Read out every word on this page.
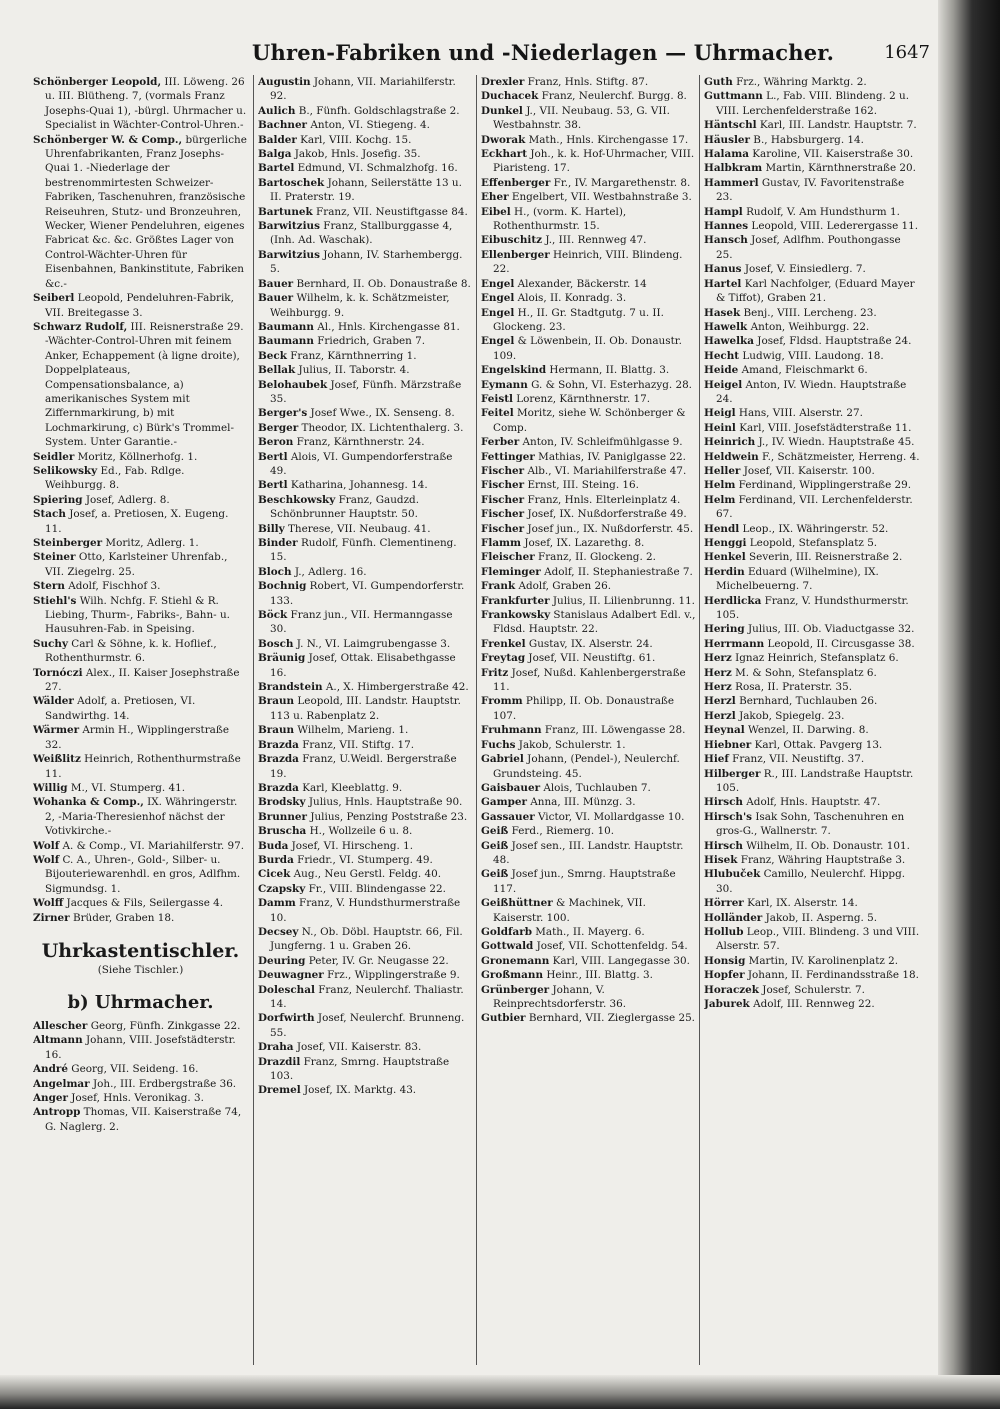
Uhren-Fabriken und -Niederlagen — Uhrmacher.	1647

Schönberger Leopold, III. Löweng. 26 u. III. Blütheng. 7, (vormals Franz Josephs-Quai 1), -bürgl. Uhrmacher u. Specialist in Wächter-Control-Uhren.-

Schönberger W. & Comp., bürgerliche Uhrenfabrikanten, Franz Josephs-Quai 1. -Niederlage der bestrenommirtesten Schweizer-Fabriken, Taschenuhren, französische Reiseuhren, Stutz- und Bronzeuhren, Wecker, Wiener Pendeluhren, eigenes Fabricat &c. &c. Größtes Lager von Control-Wächter-Uhren für Eisenbahnen, Bankinstitute, Fabriken &c.-

Seiberl Leopold, Pendeluhren-Fabrik, VII. Breitegasse 3.

Schwarz Rudolf, III. Reisnerstraße 29. -Wächter-Control-Uhren mit feinem Anker, Echappement (à ligne droite), Doppelplateaus, Compensationsbalance, a) amerikanisches System mit Ziffernmarkirung, b) mit Lochmarkirung, c) Bürk's Trommel-System. Unter Garantie.-

Seidler Moritz, Köllnerhofg. 1.

Selikowsky Ed., Fab. Rdlge. Weihburgg. 8.

Spiering Josef, Adlerg. 8.

Stach Josef, a. Pretiosen, X. Eugeng. 11.

Steinberger Moritz, Adlerg. 1.

Steiner Otto, Karlsteiner Uhrenfab., VII. Ziegelrg. 25.

Stern Adolf, Fischhof 3.

Stiehl's Wilh. Nchfg. F. Stiehl & R. Liebing, Thurm-, Fabriks-, Bahn- u. Hausuhren-Fab. in Speising.

Suchy Carl & Söhne, k. k. Hoflief., Rothenthurmstr. 6.

Tornóczi Alex., II. Kaiser Josephstraße 27.

Wälder Adolf, a. Pretiosen, VI. Sandwirthg. 14.

Wärmer Armin H., Wipplingerstraße 32.

Weißlitz Heinrich, Rothenthurmstraße 11.

Willig M., VI. Stumperg. 41.

Wohanka & Comp., IX. Währingerstr. 2, -Maria-Theresienhof nächst der Votivkirche.-

Wolf A. & Comp., VI. Mariahilferstr. 97.

Wolf C. A., Uhren-, Gold-, Silber- u. Bijouteriewarenhdl. en gros, Adlfhm. Sigmundsg. 1.

Wolff Jacques & Fils, Seilergasse 4.

Zirner Brüder, Graben 18.

Uhrkastentischler.
(Siehe Tischler.)
b) Uhrmacher.

Allescher Georg, Fünfh. Zinkgasse 22.

Altmann Johann, VIII. Josefstädterstr. 16.

André Georg, VII. Seideng. 16.

Angelmar Joh., III. Erdbergstraße 36.

Anger Josef, Hnls. Veronikag. 3.

Antropp Thomas, VII. Kaiserstraße 74, G. Naglerg. 2.

Augustin Johann, VII. Mariahilferstr. 92.

Aulich B., Fünfh. Goldschlagstraße 2.

Bachner Anton, VI. Stiegeng. 4.

Balder Karl, VIII. Kochg. 15.

Balga Jakob, Hnls. Josefig. 35.

Bartel Edmund, VI. Schmalzhofg. 16.

Bartoschek Johann, Seilerstätte 13 u. II. Praterstr. 19.

Bartunek Franz, VII. Neustiftgasse 84.

Barwitzius Franz, Stallburggasse 4, (Inh. Ad. Waschak).

Barwitzius Johann, IV. Starhembergg. 5.

Bauer Bernhard, II. Ob. Donaustraße 8.

Bauer Wilhelm, k. k. Schätzmeister, Weihburgg. 9.

Baumann Al., Hnls. Kirchengasse 81.

Baumann Friedrich, Graben 7.

Beck Franz, Kärnthnerring 1.

Bellak Julius, II. Taborstr. 4.

Belohaubek Josef, Fünfh. Märzstraße 35.

Berger's Josef Wwe., IX. Senseng. 8.

Berger Theodor, IX. Lichtenthalerg. 3.

Beron Franz, Kärnthnerstr. 24.

Bertl Alois, VI. Gumpendorferstraße 49.

Bertl Katharina, Johannesg. 14.

Beschkowsky Franz, Gaudzd. Schönbrunner Hauptstr. 50.

Billy Therese, VII. Neubaug. 41.

Binder Rudolf, Fünfh. Clementineng. 15.

Bloch J., Adlerg. 16.

Bochnig Robert, VI. Gumpendorferstr. 133.

Böck Franz jun., VII. Hermanngasse 30.

Bosch J. N., VI. Laimgrubengasse 3.

Bräunig Josef, Ottak. Elisabethgasse 16.

Brandstein A., X. Himbergerstraße 42.

Braun Leopold, III. Landstr. Hauptstr. 113 u. Rabenplatz 2.

Braun Wilhelm, Marieng. 1.

Brazda Franz, VII. Stiftg. 17.

Brazda Franz, U.Weidl. Bergerstraße 19.

Brazda Karl, Kleeblattg. 9.

Brodsky Julius, Hnls. Hauptstraße 90.

Brunner Julius, Penzing Poststraße 23.

Bruscha H., Wollzeile 6 u. 8.

Buda Josef, VI. Hirscheng. 1.

Burda Friedr., VI. Stumperg. 49.

Cicek Aug., Neu Gerstl. Feldg. 40.

Czapsky Fr., VIII. Blindengasse 22.

Damm Franz, V. Hundsthurmerstraße 10.

Decsey N., Ob. Döbl. Hauptstr. 66, Fil. Jungferng. 1 u. Graben 26.

Deuring Peter, IV. Gr. Neugasse 22.

Deuwagner Frz., Wipplingerstraße 9.

Doleschal Franz, Neulerchf. Thaliastr. 14.

Dorfwirth Josef, Neulerchf. Brunneng. 55.

Draha Josef, VII. Kaiserstr. 83.

Drazdil Franz, Smrng. Hauptstraße 103.

Dremel Josef, IX. Marktg. 43.

Drexler Franz, Hnls. Stiftg. 87.

Duchacek Franz, Neulerchf. Burgg. 8.

Dunkel J., VII. Neubaug. 53, G. VII. Westbahnstr. 38.

Dworak Math., Hnls. Kirchengasse 17.

Eckhart Joh., k. k. Hof-Uhrmacher, VIII. Piaristeng. 17.

Effenberger Fr., IV. Margarethenstr. 8.

Eher Engelbert, VII. Westbahnstraße 3.

Eibel H., (vorm. K. Hartel), Rothenthurmstr. 15.

Eibuschitz J., III. Rennweg 47.

Ellenberger Heinrich, VIII. Blindeng. 22.

Engel Alexander, Bäckerstr. 14

Engel Alois, II. Konradg. 3.

Engel H., II. Gr. Stadtgutg. 7 u. II. Glockeng. 23.

Engel & Löwenbein, II. Ob. Donaustr. 109.

Engelskind Hermann, II. Blattg. 3.

Eymann G. & Sohn, VI. Esterhazyg. 28.

Feistl Lorenz, Kärnthnerstr. 17.

Feitel Moritz, siehe W. Schönberger & Comp.

Ferber Anton, IV. Schleifmühlgasse 9.

Fettinger Mathias, IV. Paniglgasse 22.

Fischer Alb., VI. Mariahilferstraße 47.

Fischer Ernst, III. Steing. 16.

Fischer Franz, Hnls. Elterleinplatz 4.

Fischer Josef, IX. Nußdorferstraße 49.

Fischer Josef jun., IX. Nußdorferstr. 45.

Flamm Josef, IX. Lazarethg. 8.

Fleischer Franz, II. Glockeng. 2.

Fleminger Adolf, II. Stephaniestraße 7.

Frank Adolf, Graben 26.

Frankfurter Julius, II. Lilienbrunng. 11.

Frankowsky Stanislaus Adalbert Edl. v., Fldsd. Hauptstr. 22.

Frenkel Gustav, IX. Alserstr. 24.

Freytag Josef, VII. Neustiftg. 61.

Fritz Josef, Nußd. Kahlenbergerstraße 11.

Fromm Philipp, II. Ob. Donaustraße 107.

Fruhmann Franz, III. Löwengasse 28.

Fuchs Jakob, Schulerstr. 1.

Gabriel Johann, (Pendel-), Neulerchf. Grundsteing. 45.

Gaisbauer Alois, Tuchlauben 7.

Gamper Anna, III. Münzg. 3.

Gassauer Victor, VI. Mollardgasse 10.

Geiß Ferd., Riemerg. 10.

Geiß Josef sen., III. Landstr. Hauptstr. 48.

Geiß Josef jun., Smrng. Hauptstraße 117.

Geißhüttner & Machinek, VII. Kaiserstr. 100.

Goldfarb Math., II. Mayerg. 6.

Gottwald Josef, VII. Schottenfeldg. 54.

Gronemann Karl, VIII. Langegasse 30.

Großmann Heinr., III. Blattg. 3.

Grünberger Johann, V. Reinprechtsdorferstr. 36.

Gutbier Bernhard, VII. Zieglergasse 25.

Guth Frz., Währing Marktg. 2.

Guttmann L., Fab. VIII. Blindeng. 2 u. VIII. Lerchenfelderstraße 162.

Häntschl Karl, III. Landstr. Hauptstr. 7.

Häusler B., Habsburgerg. 14.

Halama Karoline, VII. Kaiserstraße 30.

Halbkram Martin, Kärnthnerstraße 20.

Hammerl Gustav, IV. Favoritenstraße 23.

Hampl Rudolf, V. Am Hundsthurm 1.

Hannes Leopold, VIII. Lederergasse 11.

Hansch Josef, Adlfhm. Pouthongasse 25.

Hanus Josef, V. Einsiedlerg. 7.

Hartel Karl Nachfolger, (Eduard Mayer & Tiffot), Graben 21.

Hasek Benj., VIII. Lercheng. 23.

Hawelk Anton, Weihburgg. 22.

Hawelka Josef, Fldsd. Hauptstraße 24.

Hecht Ludwig, VIII. Laudong. 18.

Heide Amand, Fleischmarkt 6.

Heigel Anton, IV. Wiedn. Hauptstraße 24.

Heigl Hans, VIII. Alserstr. 27.

Heinl Karl, VIII. Josefstädterstraße 11.

Heinrich J., IV. Wiedn. Hauptstraße 45.

Heldwein F., Schätzmeister, Herreng. 4.

Heller Josef, VII. Kaiserstr. 100.

Helm Ferdinand, Wipplingerstraße 29.

Helm Ferdinand, VII. Lerchenfelderstr. 67.

Hendl Leop., IX. Währingerstr. 52.

Henggi Leopold, Stefansplatz 5.

Henkel Severin, III. Reisnerstraße 2.

Herdin Eduard (Wilhelmine), IX. Michelbeuerng. 7.

Herdlicka Franz, V. Hundsthurmerstr. 105.

Hering Julius, III. Ob. Viaductgasse 32.

Herrmann Leopold, II. Circusgasse 38.

Herz Ignaz Heinrich, Stefansplatz 6.

Herz M. & Sohn, Stefansplatz 6.

Herz Rosa, II. Praterstr. 35.

Herzl Bernhard, Tuchlauben 26.

Herzl Jakob, Spiegelg. 23.

Heynal Wenzel, II. Darwing. 8.

Hiebner Karl, Ottak. Pavgerg 13.

Hief Franz, VII. Neustiftg. 37.

Hilberger R., III. Landstraße Hauptstr. 105.

Hirsch Adolf, Hnls. Hauptstr. 47.

Hirsch's Isak Sohn, Taschenuhren en gros-G., Wallnerstr. 7.

Hirsch Wilhelm, II. Ob. Donaustr. 101.

Hisek Franz, Währing Hauptstraße 3.

Hlubuček Camillo, Neulerchf. Hippg. 30.

Hörrer Karl, IX. Alserstr. 14.

Holländer Jakob, II. Asperng. 5.

Hollub Leop., VIII. Blindeng. 3 und VIII. Alserstr. 57.

Honsig Martin, IV. Karolinenplatz 2.

Hopfer Johann, II. Ferdinandsstraße 18.

Horaczek Josef, Schulerstr. 7.

Jaburek Adolf, III. Rennweg 22.
